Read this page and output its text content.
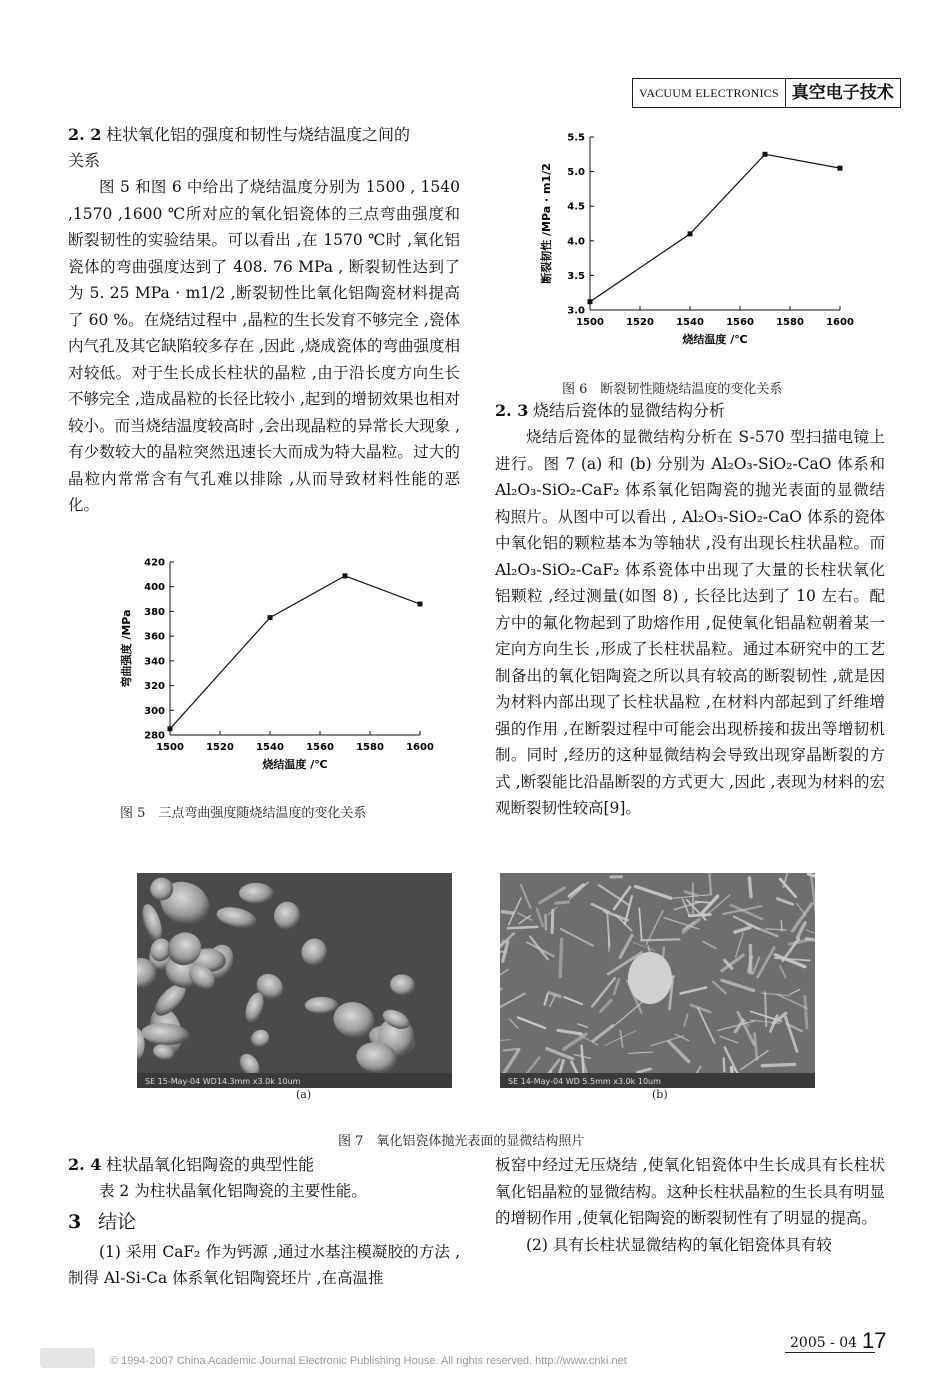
VACUUM ELECTRONICS 真空电子技术
2. 2 柱状氧化铝的强度和韧性与烧结温度之间的
关系

图 5 和图 6 中给出了烧结温度分别为 1500 , 1540 ,1570 ,1600 ℃所对应的氧化铝瓷体的三点弯曲强度和断裂韧性的实验结果。可以看出 ,在 1570 ℃时 ,氧化铝瓷体的弯曲强度达到了 408. 76 MPa , 断裂韧性达到了为 5. 25 MPa · m1/2 ,断裂韧性比氧化铝陶瓷材料提高了 60 %。在烧结过程中 ,晶粒的生长发育不够完全 ,瓷体内气孔及其它缺陷较多存在 ,因此 ,烧成瓷体的弯曲强度相对较低。对于生长成长柱状的晶粒 ,由于沿长度方向生长不够完全 ,造成晶粒的长径比较小 ,起到的增韧效果也相对较小。而当烧结温度较高时 ,会出现晶粒的异常长大现象 ,有少数较大的晶粒突然迅速长大而成为特大晶粒。过大的晶粒内常常含有气孔难以排除 ,从而导致材料性能的恶化。

1500 1520 1540 1560 1580 1600
280
300
320
340
360
380
400
420
烧结温度 /℃
弯曲强度 /MPa
图 5　三点弯曲强度随烧结温度的变化关系
1500 1520 1540 1560 1580 1600
3.0
3.5
4.0
4.5
5.0
5.5
烧结温度 /℃
断裂韧性 /MPa · m1/2
图 6　断裂韧性随烧结温度的变化关系
2. 3 烧结后瓷体的显微结构分析

烧结后瓷体的显微结构分析在 S-570 型扫描电镜上进行。图 7 (a) 和 (b) 分别为 Al₂O₃-SiO₂-CaO 体系和 Al₂O₃-SiO₂-CaF₂ 体系氧化铝陶瓷的抛光表面的显微结构照片。从图中可以看出 , Al₂O₃-SiO₂-CaO 体系的瓷体中氧化铝的颗粒基本为等轴状 ,没有出现长柱状晶粒。而 Al₂O₃-SiO₂-CaF₂ 体系瓷体中出现了大量的长柱状氧化铝颗粒 ,经过测量(如图 8) , 长径比达到了 10 左右。配方中的氟化物起到了助熔作用 ,促使氧化铝晶粒朝着某一定向方向生长 ,形成了长柱状晶粒。通过本研究中的工艺制备出的氧化铝陶瓷之所以具有较高的断裂韧性 ,就是因为材料内部出现了长柱状晶粒 ,在材料内部起到了纤维增强的作用 ,在断裂过程中可能会出现桥接和拔出等增韧机制。同时 ,经历的这种显微结构会导致出现穿晶断裂的方式 ,断裂能比沿晶断裂的方式更大 ,因此 ,表现为材料的宏观断裂韧性较高[9]。

SE 15-May-04 WD14.3mm x3.0k 10um	SE 14-May-04 WD 5.5mm x3.0k 10um
(a)	(b)
图 7　氧化铝瓷体抛光表面的显微结构照片
2. 4 柱状晶氧化铝陶瓷的典型性能

表 2 为柱状晶氧化铝陶瓷的主要性能。

3 结论

(1) 采用 CaF₂ 作为钙源 ,通过水基注模凝胶的方法 ,制得 Al-Si-Ca 体系氧化铝陶瓷坯片 ,在高温推

板窑中经过无压烧结 ,使氧化铝瓷体中生长成具有长柱状氧化铝晶粒的显微结构。这种长柱状晶粒的生长具有明显的增韧作用 ,使氧化铝陶瓷的断裂韧性有了明显的提高。

(2) 具有长柱状显微结构的氧化铝瓷体具有较

2005 - 04 17
© 1994-2007 China Academic Journal Electronic Publishing House. All rights reserved. http://www.cnki.net
